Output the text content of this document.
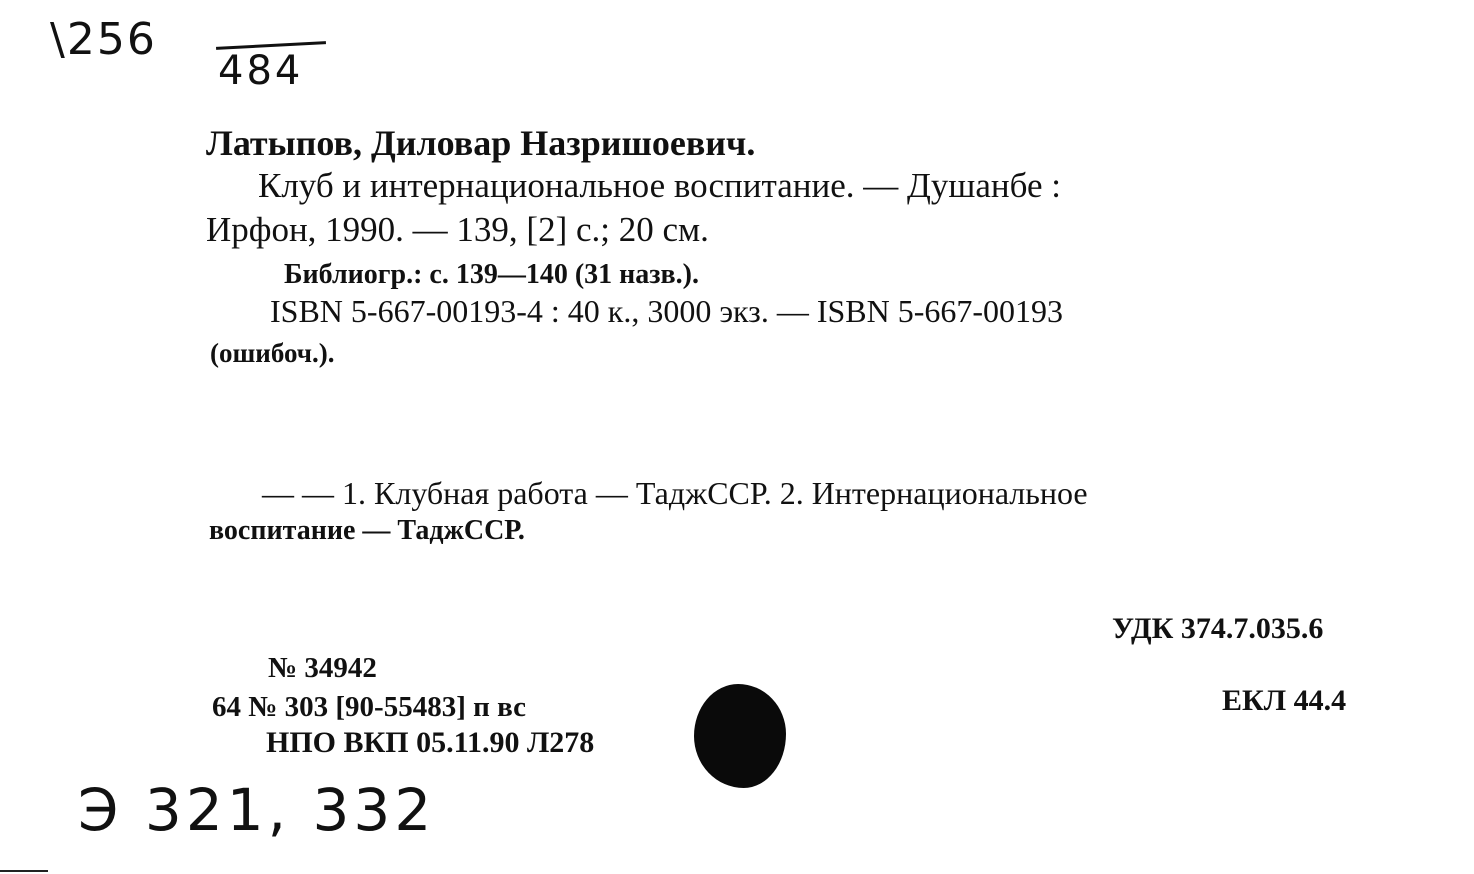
\256
484
Латыпов, Диловар Назришоевич.
Клуб и интернациональное воспитание. — Душанбе :
Ирфон, 1990. — 139, [2] с.; 20 см.
Библиогр.: с. 139—140 (31 назв.).
ISBN 5-667-00193-4 : 40 к., 3000 экз. — ISBN 5-667-00193
(ошибоч.).
— — 1. Клубная работа — ТаджССР. 2. Интернациональное
воспитание — ТаджССР.
УДК 374.7.035.6
ЕКЛ 44.4
№ 34942
64 № 303 [90-55483] п вс
НПО ВКП 05.11.90 Л278
Э 321, 332
